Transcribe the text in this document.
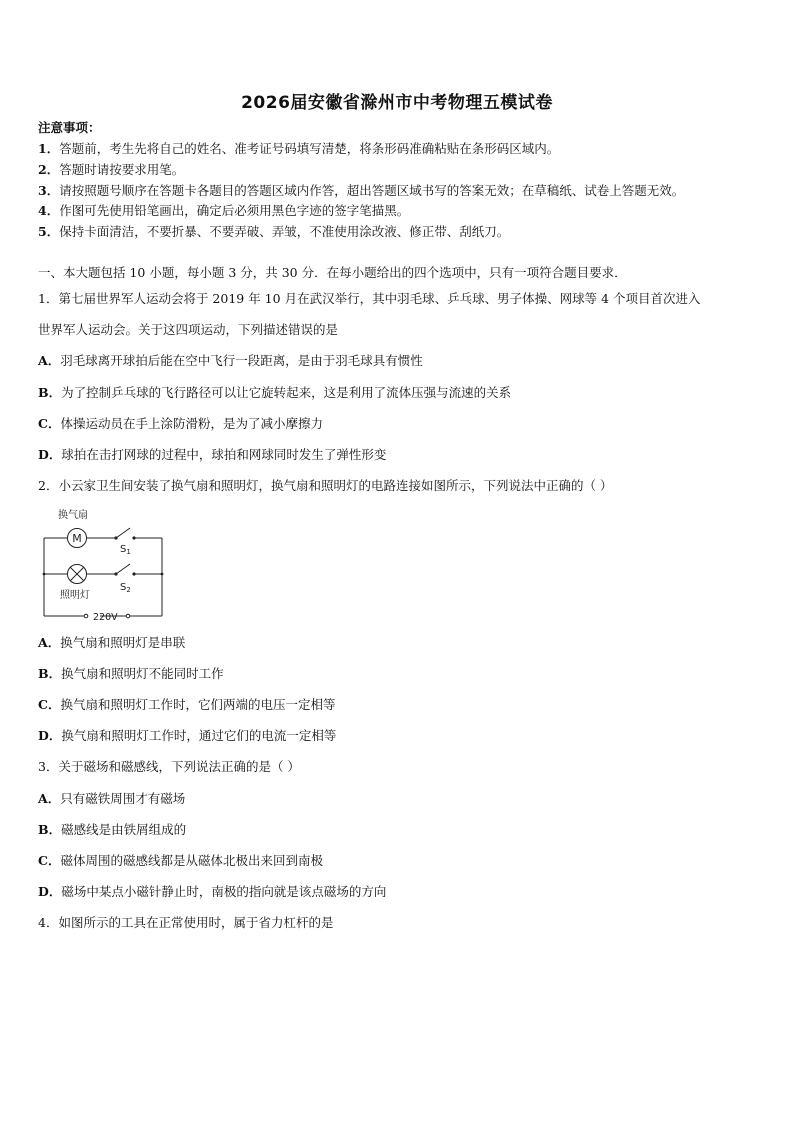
2026届安徽省滁州市中考物理五模试卷
注意事项：
1．答题前，考生先将自己的姓名、准考证号码填写清楚，将条形码准确粘贴在条形码区域内。
2．答题时请按要求用笔。
3．请按照题号顺序在答题卡各题目的答题区域内作答，超出答题区域书写的答案无效；在草稿纸、试卷上答题无效。
4．作图可先使用铅笔画出，确定后必须用黑色字迹的签字笔描黑。
5．保持卡面清洁，不要折暴、不要弄破、弄皱，不准使用涂改液、修正带、刮纸刀。
一、本大题包括 10 小题，每小题 3 分，共 30 分．在每小题给出的四个选项中，只有一项符合题目要求．
1．第七届世界军人运动会将于 2019 年 10 月在武汉举行，其中羽毛球、乒乓球、男子体操、网球等 4 个项目首次进入
世界军人运动会。关于这四项运动，下列描述错误的是
A．羽毛球离开球拍后能在空中飞行一段距离，是由于羽毛球具有惯性
B．为了控制乒乓球的飞行路径可以让它旋转起来，这是利用了流体压强与流速的关系
C．体操运动员在手上涂防滑粉，是为了减小摩擦力
D．球拍在击打网球的过程中，球拍和网球同时发生了弹性形变
2．小云家卫生间安装了换气扇和照明灯，换气扇和照明灯的电路连接如图所示，下列说法中正确的（ ）
换气扇
M
$S_1$
$S_2$
照明灯
220V
A．换气扇和照明灯是串联
B．换气扇和照明灯不能同时工作
C．换气扇和照明灯工作时，它们两端的电压一定相等
D．换气扇和照明灯工作时，通过它们的电流一定相等
3．关于磁场和磁感线，下列说法正确的是（ ）
A．只有磁铁周围才有磁场
B．磁感线是由铁屑组成的
C．磁体周围的磁感线都是从磁体北极出来回到南极
D．磁场中某点小磁针静止时，南极的指向就是该点磁场的方向
4．如图所示的工具在正常使用时，属于省力杠杆的是
